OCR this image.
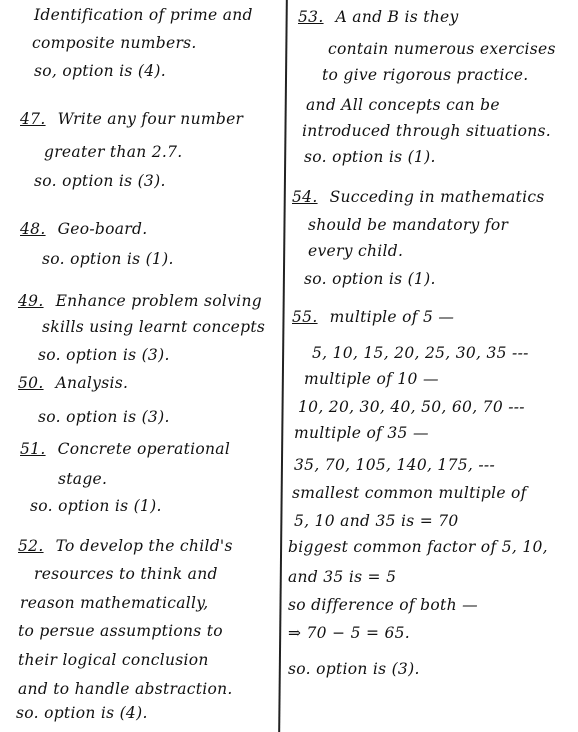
Identification of prime and
composite numbers.
so, option is (4).
47. Write any four number
greater than 2.7.
so. option is (3).
48. Geo-board.
so. option is (1).
49. Enhance problem solving
skills using learnt concepts
so. option is (3).
50. Analysis.
so. option is (3).
51. Concrete operational
stage.
so. option is (1).
52. To develop the child's
resources to think and
reason mathematically,
to persue assumptions to
their logical conclusion
and to handle abstraction.
so. option is (4).
53. A and B is they
contain numerous exercises
to give rigorous practice.
and All concepts can be
introduced through situations.
so. option is (1).
54. Succeding in mathematics
should be mandatory for
every child.
so. option is (1).
55. multiple of 5 —
5, 10, 15, 20, 25, 30, 35 ---
multiple of 10 —
10, 20, 30, 40, 50, 60, 70 ---
multiple of 35 —
35, 70, 105, 140, 175, ---
smallest common multiple of
5, 10 and 35 is = 70
biggest common factor of 5, 10,
and 35 is = 5
so difference of both —
⇒ 70 − 5 = 65.
so. option is (3).
